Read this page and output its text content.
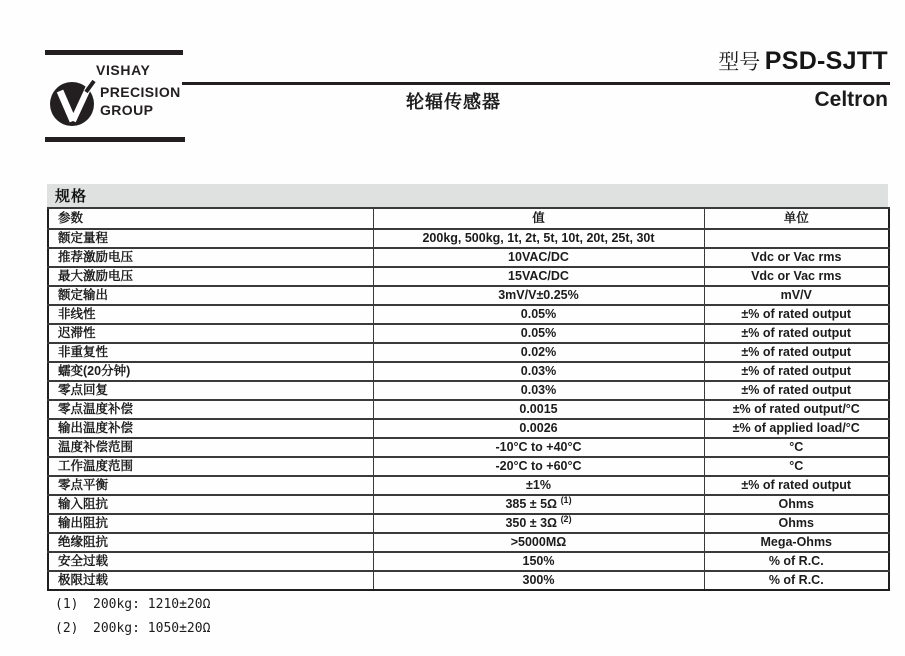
VISHAY
PRECISION
GROUP
型号 PSD-SJTT
轮辐传感器	Celtron
规格
参数	值	单位
额定量程	200kg, 500kg, 1t, 2t, 5t, 10t, 20t, 25t, 30t	
推荐激励电压	10VAC/DC	Vdc or Vac rms
最大激励电压	15VAC/DC	Vdc or Vac rms
额定输出	3mV/V±0.25%	mV/V
非线性	0.05%	±% of rated output
迟滞性	0.05%	±% of rated output
非重复性	0.02%	±% of rated output
蠕变(20分钟)	0.03%	±% of rated output
零点回复	0.03%	±% of rated output
零点温度补偿	0.0015	±% of rated output/°C
输出温度补偿	0.0026	±% of applied load/°C
温度补偿范围	-10°C to +40°C	°C
工作温度范围	-20°C to +60°C	°C
零点平衡	±1%	±% of rated output
输入阻抗	385 ± 5Ω $^{(1)}$	Ohms
输出阻抗	350 ± 3Ω $^{(2)}$	Ohms
绝缘阻抗	>5000MΩ	Mega-Ohms
安全过载	150%	% of R.C.
极限过载	300%	% of R.C.
(1) 200kg: 1210±20Ω
(2) 200kg: 1050±20Ω
